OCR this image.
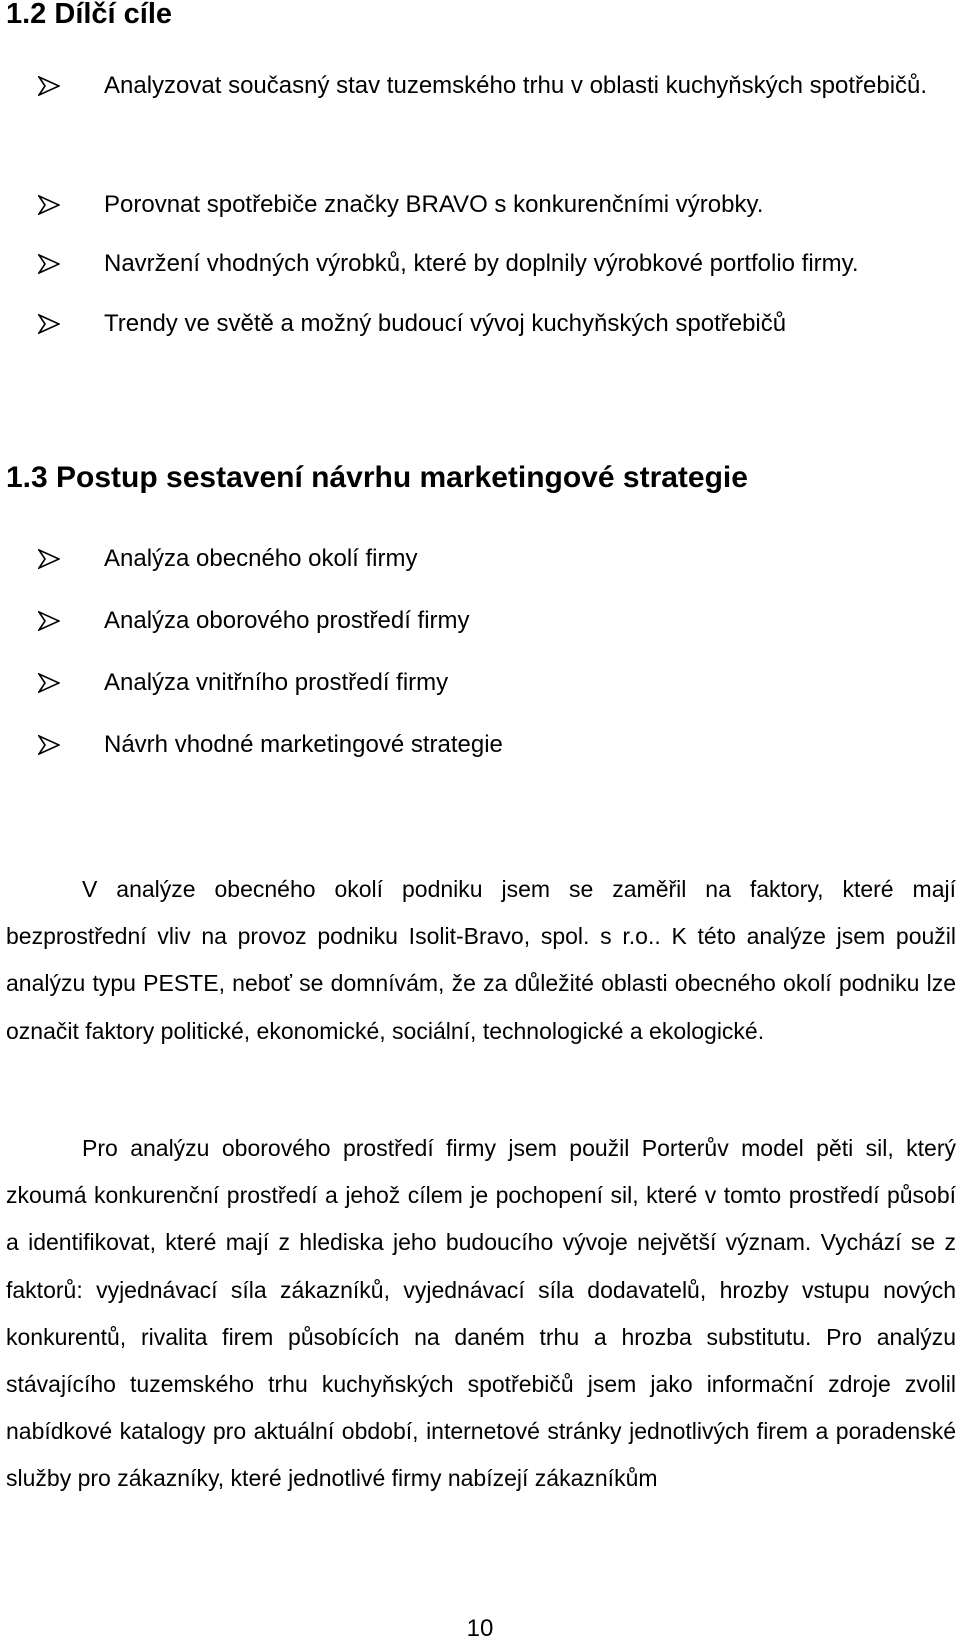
1.2 Dílčí cíle
Analyzovat současný stav tuzemského trhu v oblasti kuchyňských spotřebičů.
Porovnat spotřebiče značky BRAVO s konkurenčními výrobky.
Navržení vhodných výrobků, které by doplnily výrobkové portfolio firmy.
Trendy ve světě a možný budoucí vývoj kuchyňských spotřebičů
1.3 Postup sestavení návrhu marketingové strategie
Analýza obecného okolí firmy
Analýza oborového prostředí firmy
Analýza vnitřního prostředí firmy
Návrh vhodné marketingové strategie

V analýze obecného okolí podniku jsem se zaměřil na faktory, které mají bezprostřední vliv na provoz podniku Isolit-Bravo, spol. s r.o.. K této analýze jsem použil analýzu typu PESTE, neboť se domnívám, že za důležité oblasti obecného okolí podniku lze označit faktory politické, ekonomické, sociální, technologické a ekologické.

Pro analýzu oborového prostředí firmy jsem použil Porterův model pěti sil, který zkoumá konkurenční prostředí a jehož cílem je pochopení sil, které v tomto prostředí působí a identifikovat, které mají z hlediska jeho budoucího vývoje největší význam. Vychází se z faktorů: vyjednávací síla zákazníků, vyjednávací síla dodavatelů, hrozby vstupu nových konkurentů, rivalita firem působících na daném trhu a hrozba substitutu. Pro analýzu stávajícího tuzemského trhu kuchyňských spotřebičů jsem jako informační zdroje zvolil nabídkové katalogy pro aktuální období, internetové stránky jednotlivých firem a poradenské služby pro zákazníky, které jednotlivé firmy nabízejí zákazníkům

10
